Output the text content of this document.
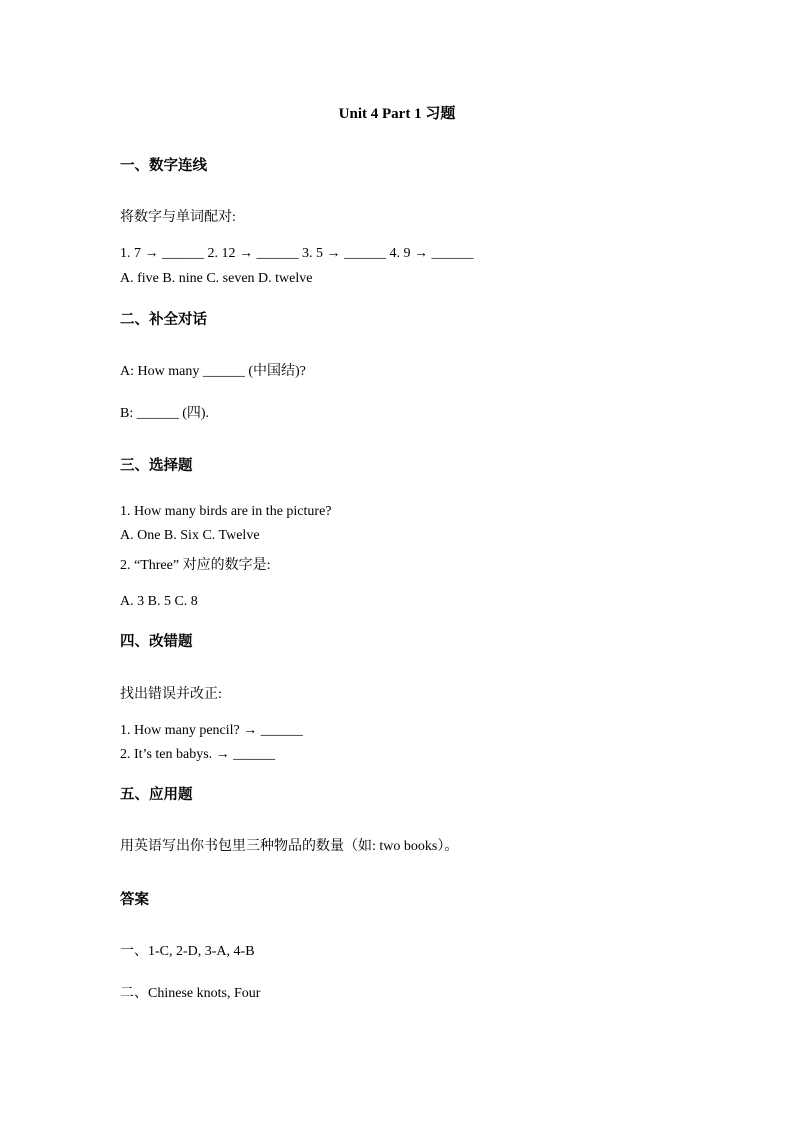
Unit 4 Part 1 习题
一、数字连线
将数字与单词配对:
1. 7 → ______ 2. 12 → ______ 3. 5 → ______ 4. 9 → ______
A. five B. nine C. seven D. twelve
二、补全对话
A: How many ______ (中国结)?
B: ______ (四).
三、选择题
1. How many birds are in the picture?
A. One B. Six C. Twelve
2. “Three” 对应的数字是:
A. 3 B. 5 C. 8
四、改错题
找出错误并改正:
1. How many pencil? → ______
2. It’s ten babys. → ______
五、应用题
用英语写出你书包里三种物品的数量（如: two books）。
答案
一、1-C, 2-D, 3-A, 4-B
二、Chinese knots, Four
